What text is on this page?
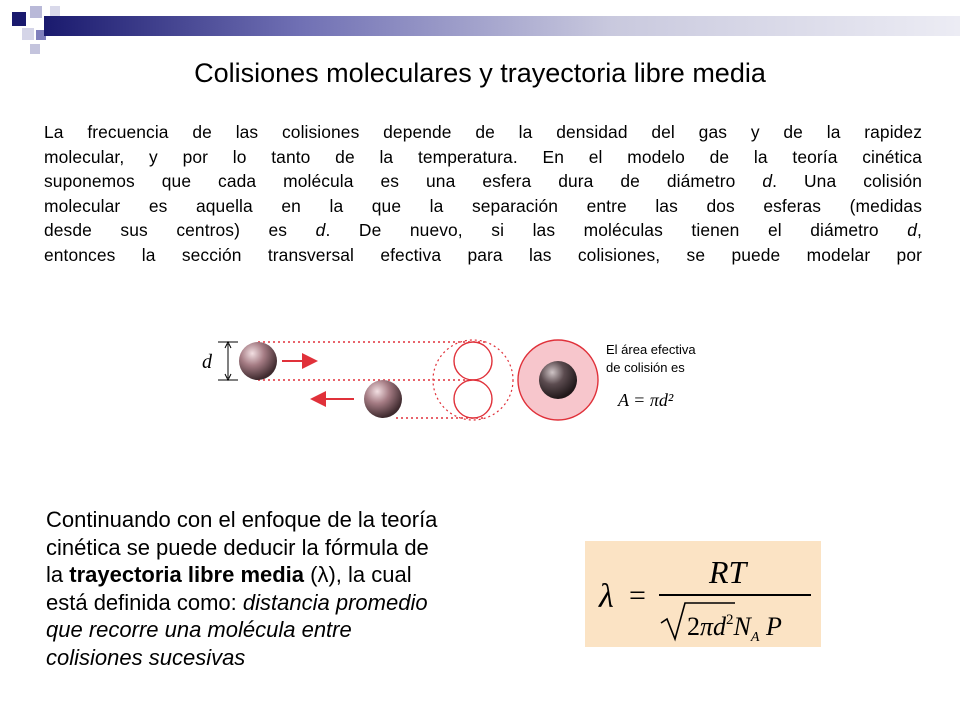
Colisiones moleculares y trayectoria libre media
La frecuencia de las colisiones depende de la densidad del gas y de la rapidez
molecular, y por lo tanto de la temperatura. En el modelo de la teoría cinética
suponemos que cada molécula es una esfera dura de diámetro d. Una colisión
molecular es aquella en la que la separación entre las dos esferas (medidas
desde sus centros) es d. De nuevo, si las moléculas tienen el diámetro d,
entonces la sección transversal efectiva para las colisiones, se puede modelar por
d
El área efectiva
de colisión es
A = πd²
Continuando con el enfoque de la teoría
cinética se puede deducir la fórmula de
la trayectoria libre media (λ), la cual
está definida como: distancia promedio
que recorre una molécula entre
colisiones sucesivas
λ =
RT
$2\pi d^2N_A$ P
